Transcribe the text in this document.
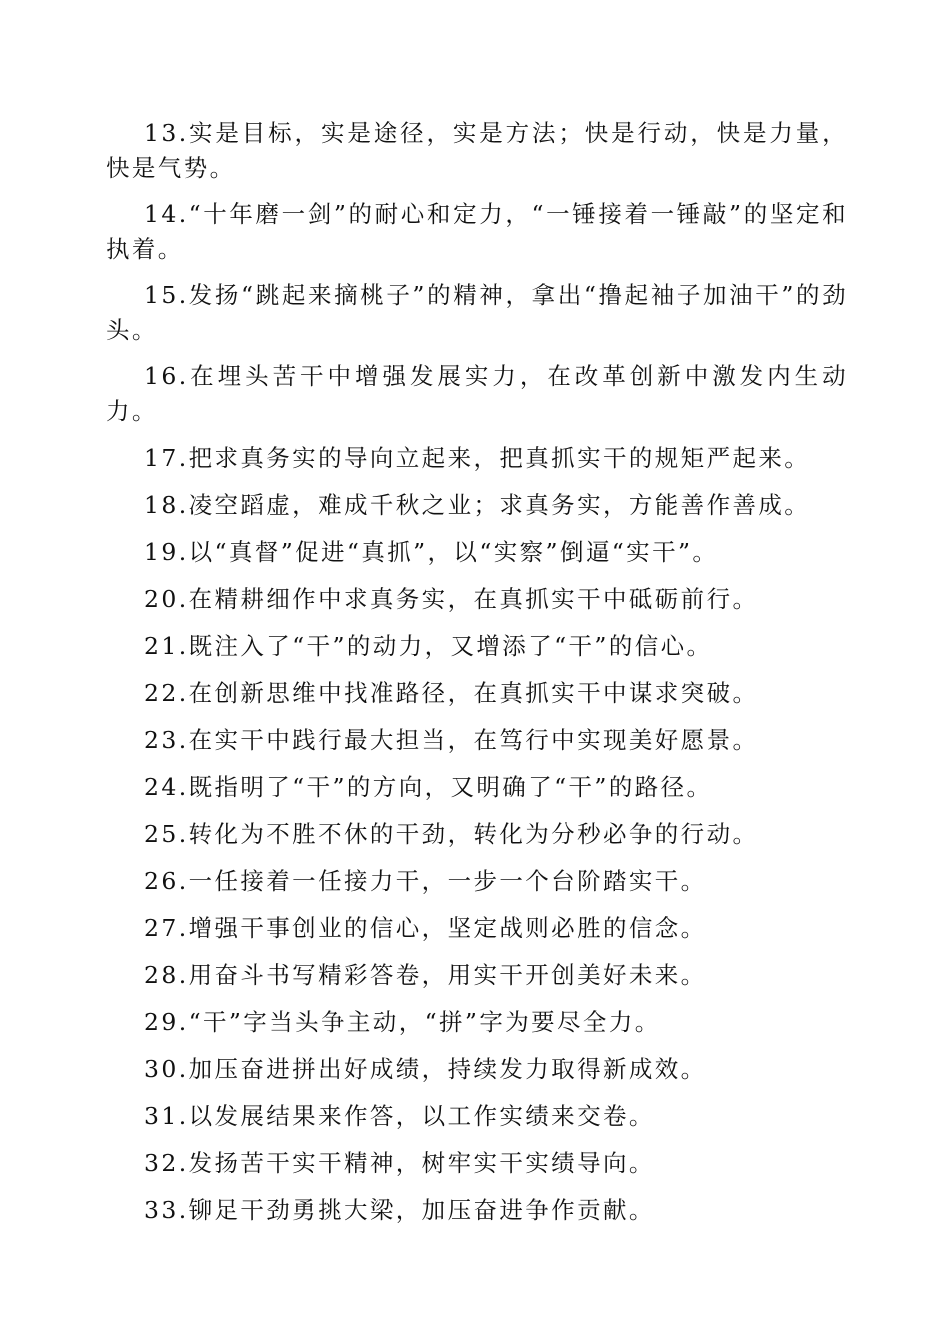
13.实是目标，实是途径，实是方法；快是行动，快是力量，快是气势。

14.“十年磨一剑”的耐心和定力，“一锤接着一锤敲”的坚定和执着。

15.发扬“跳起来摘桃子”的精神，拿出“撸起袖子加油干”的劲头。

16.在埋头苦干中增强发展实力，在改革创新中激发内生动力。

17.把求真务实的导向立起来，把真抓实干的规矩严起来。

18.凌空蹈虚，难成千秋之业；求真务实，方能善作善成。

19.以“真督”促进“真抓”，以“实察”倒逼“实干”。

20.在精耕细作中求真务实，在真抓实干中砥砺前行。

21.既注入了“干”的动力，又增添了“干”的信心。

22.在创新思维中找准路径，在真抓实干中谋求突破。

23.在实干中践行最大担当，在笃行中实现美好愿景。

24.既指明了“干”的方向，又明确了“干”的路径。

25.转化为不胜不休的干劲，转化为分秒必争的行动。

26.一任接着一任接力干，一步一个台阶踏实干。

27.增强干事创业的信心，坚定战则必胜的信念。

28.用奋斗书写精彩答卷，用实干开创美好未来。

29.“干”字当头争主动，“拼”字为要尽全力。

30.加压奋进拼出好成绩，持续发力取得新成效。

31.以发展结果来作答，以工作实绩来交卷。

32.发扬苦干实干精神，树牢实干实绩导向。

33.铆足干劲勇挑大梁，加压奋进争作贡献。
